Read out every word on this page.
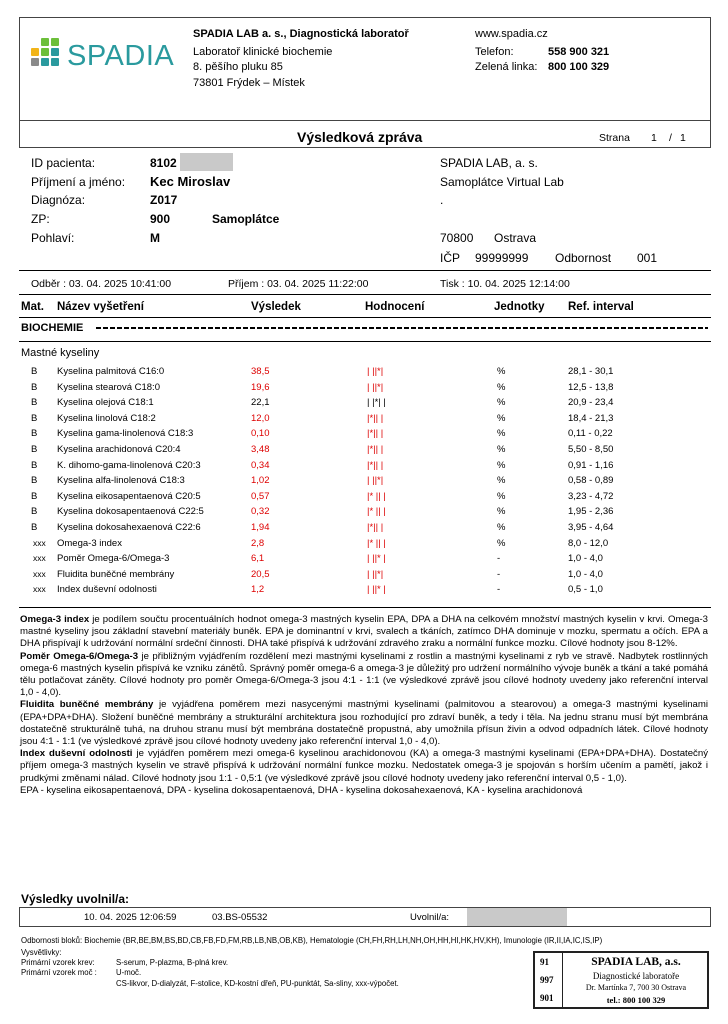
SPADIA
SPADIA LAB a. s., Diagnostická laboratoř
Laboratoř klinické biochemie
8. pěšího pluku 85
73801 Frýdek – Místek
www.spadia.cz
Telefon:	558 900 321
Zelená linka: 800 100 329
Výsledková zpráva	Strana 1 / 1
ID pacienta:	8102
Příjmení a jméno: Kec Miroslav
Diagnóza:	Z017
ZP:	900	Samoplátce
Pohlaví:	M
SPADIA LAB, a. s.
Samoplátce Virtual Lab
.
70800 Ostrava
IČP 99999999 Odbornost 001
Odběr : 03. 04. 2025 10:41:00	Příjem : 03. 04. 2025 11:22:00	Tisk : 10. 04. 2025 12:14:00
Mat. Název vyšetření	Výsledek	Hodnocení	Jednotky Ref. interval
BIOCHEMIE
Mastné kyseliny
B Kyselina palmitová C16:0	38,5	| ||*|	%	28,1 - 30,1
B Kyselina stearová C18:0	19,6	| ||*|	%	12,5 - 13,8
B Kyselina olejová C18:1	22,1	| |*| |	%	20,9 - 23,4
B Kyselina linolová C18:2	12,0	|*|| |	%	18,4 - 21,3
B Kyselina gama-linolenová C18:3	0,10	|*|| |	%	0,11 - 0,22
B Kyselina arachidonová C20:4	3,48	|*|| |	%	5,50 - 8,50
B K. dihomo-gama-linolenová C20:3	0,34	|*|| |	%	0,91 - 1,16
B Kyselina alfa-linolenová C18:3	1,02	| ||*|	%	0,58 - 0,89
B Kyselina eikosapentaenová C20:5	0,57	|* || |	%	3,23 - 4,72
B Kyselina dokosapentaenová C22:5	0,32	|* || |	%	1,95 - 2,36
B Kyselina dokosahexaenová C22:6	1,94	|*|| |	%	3,95 - 4,64
xxx Omega-3 index	2,8	|* || |	%	8,0 - 12,0
xxx Poměr Omega-6/Omega-3	6,1	| ||* |	-	1,0 - 4,0
xxx Fluidita buněčné membrány	20,5	| ||*|	-	1,0 - 4,0
xxx Index duševní odolnosti	1,2	| ||* |	-	0,5 - 1,0

Omega-3 index je podílem součtu procentuálních hodnot omega-3 mastných kyselin EPA, DPA a DHA na celkovém množství mastných kyselin v krvi. Omega-3 mastné kyseliny jsou základní stavební materiály buněk. EPA je dominantní v krvi, svalech a tkáních, zatímco DHA dominuje v mozku, spermatu a očích. EPA a DHA přispívají k udržování normální srdeční činnosti. DHA také přispívá k udržování zdravého zraku a normální funkce mozku. Cílové hodnoty jsou 8-12%.

Poměr Omega-6/Omega-3 je přibližným vyjádřením rozdělení mezi mastnými kyselinami z rostlin a mastnými kyselinami z ryb ve stravě. Nadbytek rostlinných omega-6 mastných kyselin přispívá ke vzniku zánětů. Správný poměr omega-6 a omega-3 je důležitý pro udržení normálního vývoje buněk a tkání a také pomáhá tělu potlačovat záněty. Cílové hodnoty pro poměr Omega-6/Omega-3 jsou 4:1 - 1:1 (ve výsledkové zprávě jsou cílové hodnoty uvedeny jako referenční interval 1,0 - 4,0).

Fluidita buněčné membrány je vyjádřena poměrem mezi nasycenými mastnými kyselinami (palmitovou a stearovou) a omega-3 mastnými kyselinami (EPA+DPA+DHA). Složení buněčné membrány a strukturální architektura jsou rozhodující pro zdraví buněk, a tedy i těla. Na jednu stranu musí být membrána dostatečně strukturálně tuhá, na druhou stranu musí být membrána dostatečně propustná, aby umožnila přísun živin a odvod odpadních látek. Cílové hodnoty jsou 4:1 - 1:1 (ve výsledkové zprávě jsou cílové hodnoty uvedeny jako referenční interval 1,0 - 4,0).

Index duševní odolnosti je vyjádřen poměrem mezi omega-6 kyselinou arachidonovou (KA) a omega-3 mastnými kyselinami (EPA+DPA+DHA). Dostatečný příjem omega-3 mastných kyselin ve stravě přispívá k udržování normální funkce mozku. Nedostatek omega-3 je spojován s horším učením a pamětí, jakož i prudkými změnami nálad. Cílové hodnoty jsou 1:1 - 0,5:1 (ve výsledkové zprávě jsou cílové hodnoty uvedeny jako referenční interval 0,5 - 1,0).

EPA - kyselina eikosapentaenová, DPA - kyselina dokosapentaenová, DHA - kyselina dokosahexaenová, KA - kyselina arachidonová

Výsledky uvolnil/a:
10. 04. 2025 12:06:59	03.BS-05532	Uvolnil/a:
Odbornosti bloků: Biochemie (BR,BE,BM,BS,BD,CB,FB,FD,FM,RB,LB,NB,OB,KB), Hematologie (CH,FH,RH,LH,NH,OH,HH,HI,HK,HV,KH), Imunologie (IR,II,IA,IC,IS,IP)
Vysvětlivky:
Primární vzorek krev:	S-serum, P-plazma, B-plná krev.
Primární vzorek moč : U-moč.
CS-likvor, D-dialyzát, F-stolice, KD-kostní dřeň, PU-punktát, Sa-sliny, xxx-výpočet.
91
997
901
SPADIA LAB, a.s.
Diagnostické laboratoře
Dr. Martínka 7, 700 30 Ostrava
tel.: 800 100 329
